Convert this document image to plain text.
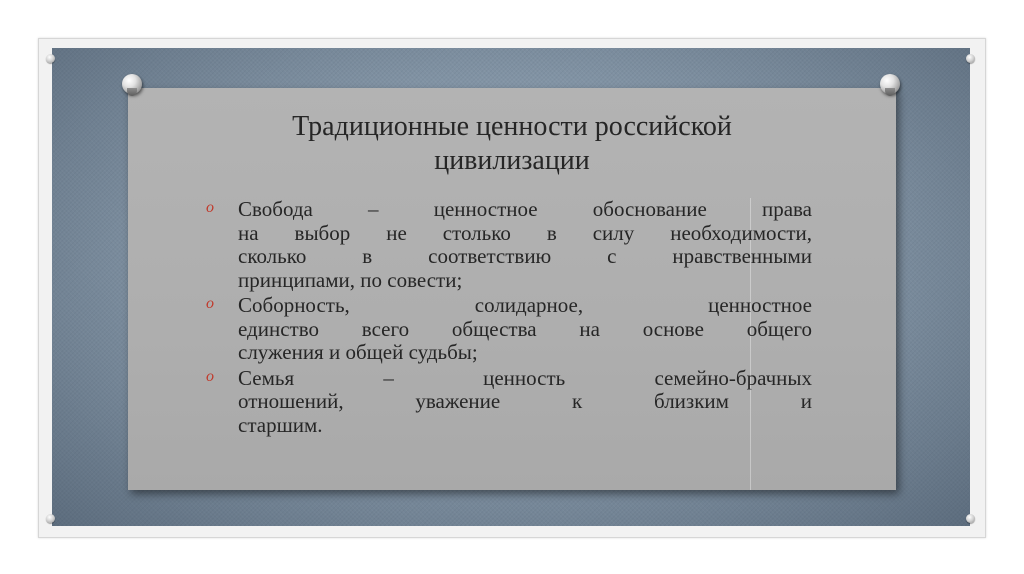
Традиционные ценности российской
цивилизации
o Свобода – ценностное обоснование права
на выбор не столько в силу необходимости,
сколько в соответствию с нравственными
принципами, по совести;
o Соборность, солидарное, ценностное
единство всего общества на основе общего
служения и общей судьбы;
o Семья – ценность семейно-брачных
отношений, уважение к близким и
старшим.
